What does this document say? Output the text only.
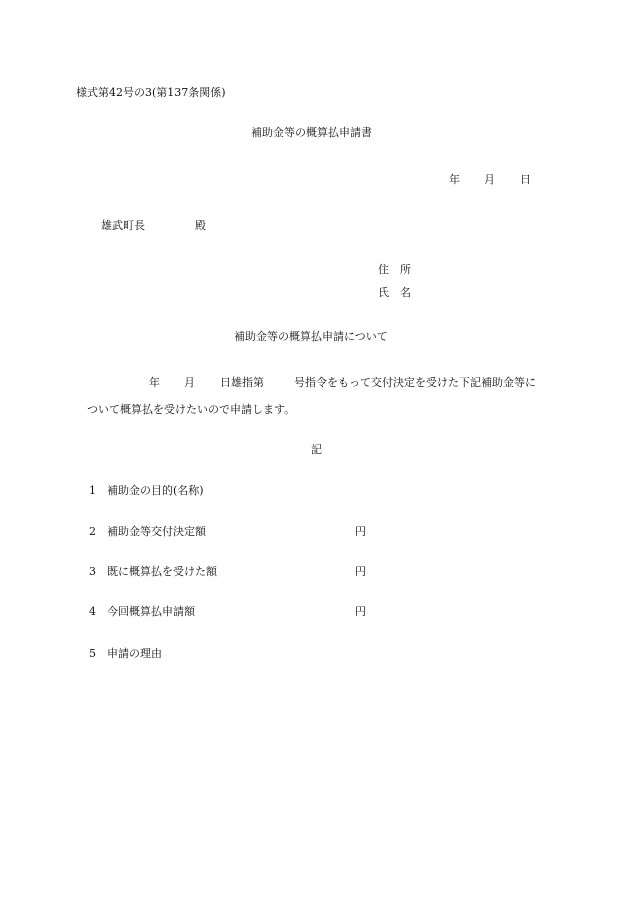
様式第42号の3(第137条関係)
補助金等の概算払申請書
年 月 日
雄武町長	殿
住　所
氏　名
補助金等の概算払申請について
年 月 日雄指第	号指令をもって交付決定を受けた下記補助金等に
ついて概算払を受けたいので申請します。
記
1 補助金の目的(名称)
2 補助金等交付決定額	円
3 既に概算払を受けた額	円
4 今回概算払申請額	円
5 申請の理由
